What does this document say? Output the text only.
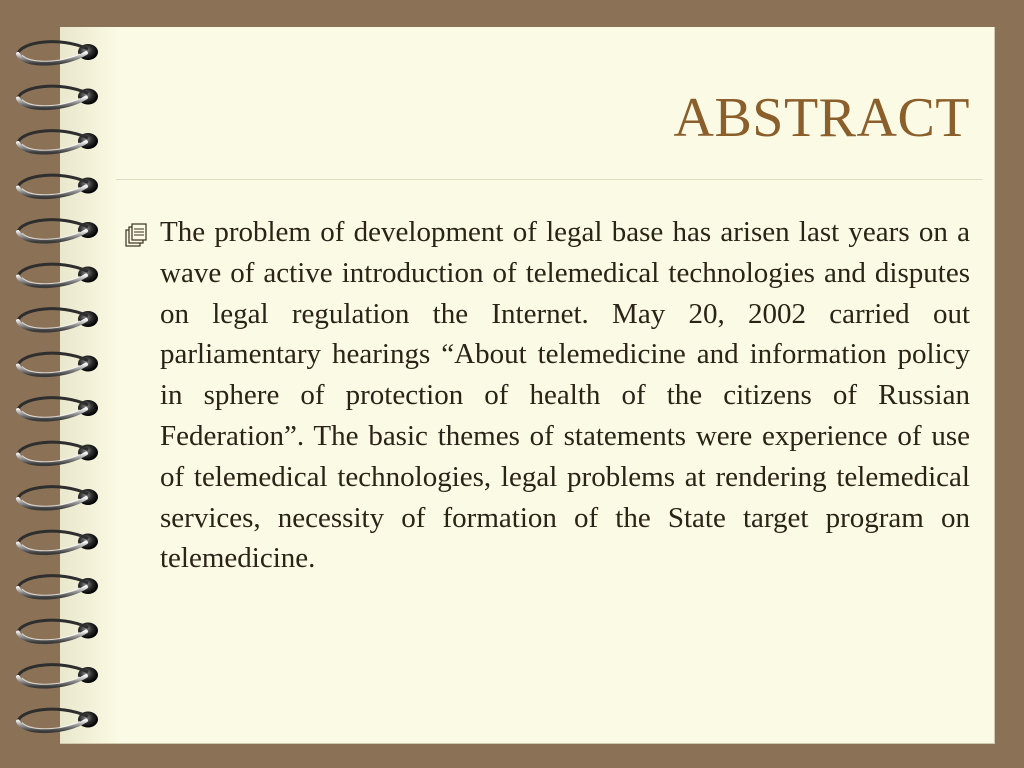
ABSTRACT

The problem of development of legal base has arisen last years on a wave of active introduction of telemedical technologies and disputes on legal regulation the Internet. May 20, 2002 carried out parliamentary hearings “About telemedicine and information policy in sphere of protection of health of the citizens of Russian Federation”. The basic themes of statements were experience of use of telemedical technologies, legal problems at rendering telemedical services, necessity of formation of the State target program on telemedicine.
